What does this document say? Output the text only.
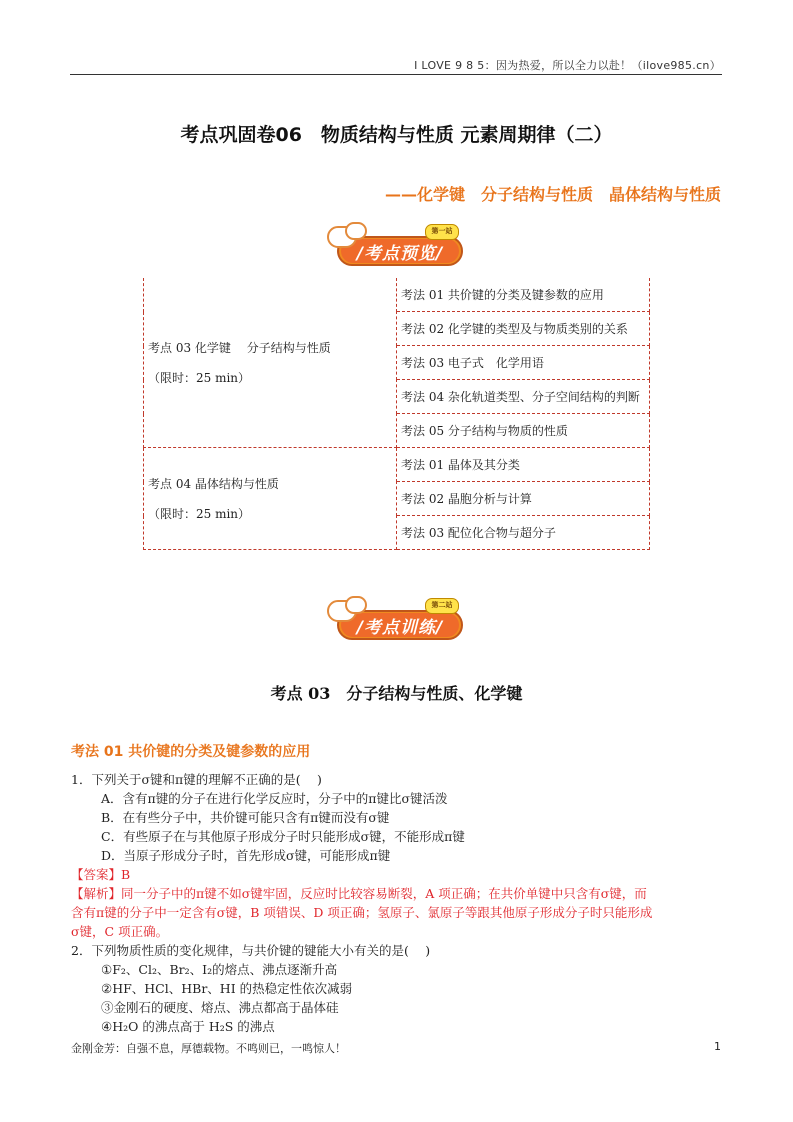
I LOVE 9 8 5：因为热爱，所以全力以赴！（ilove985.cn）
考点巩固卷06　物质结构与性质 元素周期律（二）
——化学键　分子结构与性质　晶体结构与性质
第一站
/考点预览/
考点 03 化学键　 分子结构与性质
（限时：25 min）	考法 01 共价键的分类及键参数的应用
	考法 02 化学键的类型及与物质类别的关系
	考法 03 电子式　化学用语
	考法 04 杂化轨道类型、分子空间结构的判断
	考法 05 分子结构与物质的性质

考点 04 晶体结构与性质
（限时：25 min）	考法 01 晶体及其分类
	考法 02 晶胞分析与计算
	考法 03 配位化合物与超分子
第二站
/考点训练/
考点 03　分子结构与性质、化学键
考法 01 共价键的分类及键参数的应用
1．下列关于σ键和π键的理解不正确的是(　 )
A．含有π键的分子在进行化学反应时，分子中的π键比σ键活泼
B．在有些分子中，共价键可能只含有π键而没有σ键
C．有些原子在与其他原子形成分子时只能形成σ键，不能形成π键
D．当原子形成分子时，首先形成σ键，可能形成π键
【答案】B
【解析】同一分子中的π键不如σ键牢固，反应时比较容易断裂，A 项正确；在共价单键中只含有σ键，而
含有π键的分子中一定含有σ键，B 项错误、D 项正确；氢原子、氯原子等跟其他原子形成分子时只能形成
σ键，C 项正确。
2．下列物质性质的变化规律，与共价键的键能大小有关的是(　 )
①F₂、Cl₂、Br₂、I₂的熔点、沸点逐渐升高
②HF、HCl、HBr、HI 的热稳定性依次减弱
③金刚石的硬度、熔点、沸点都高于晶体硅
④H₂O 的沸点高于 H₂S 的沸点
金刚金芳：自强不息，厚德载物。不鸣则已，一鸣惊人！	1
